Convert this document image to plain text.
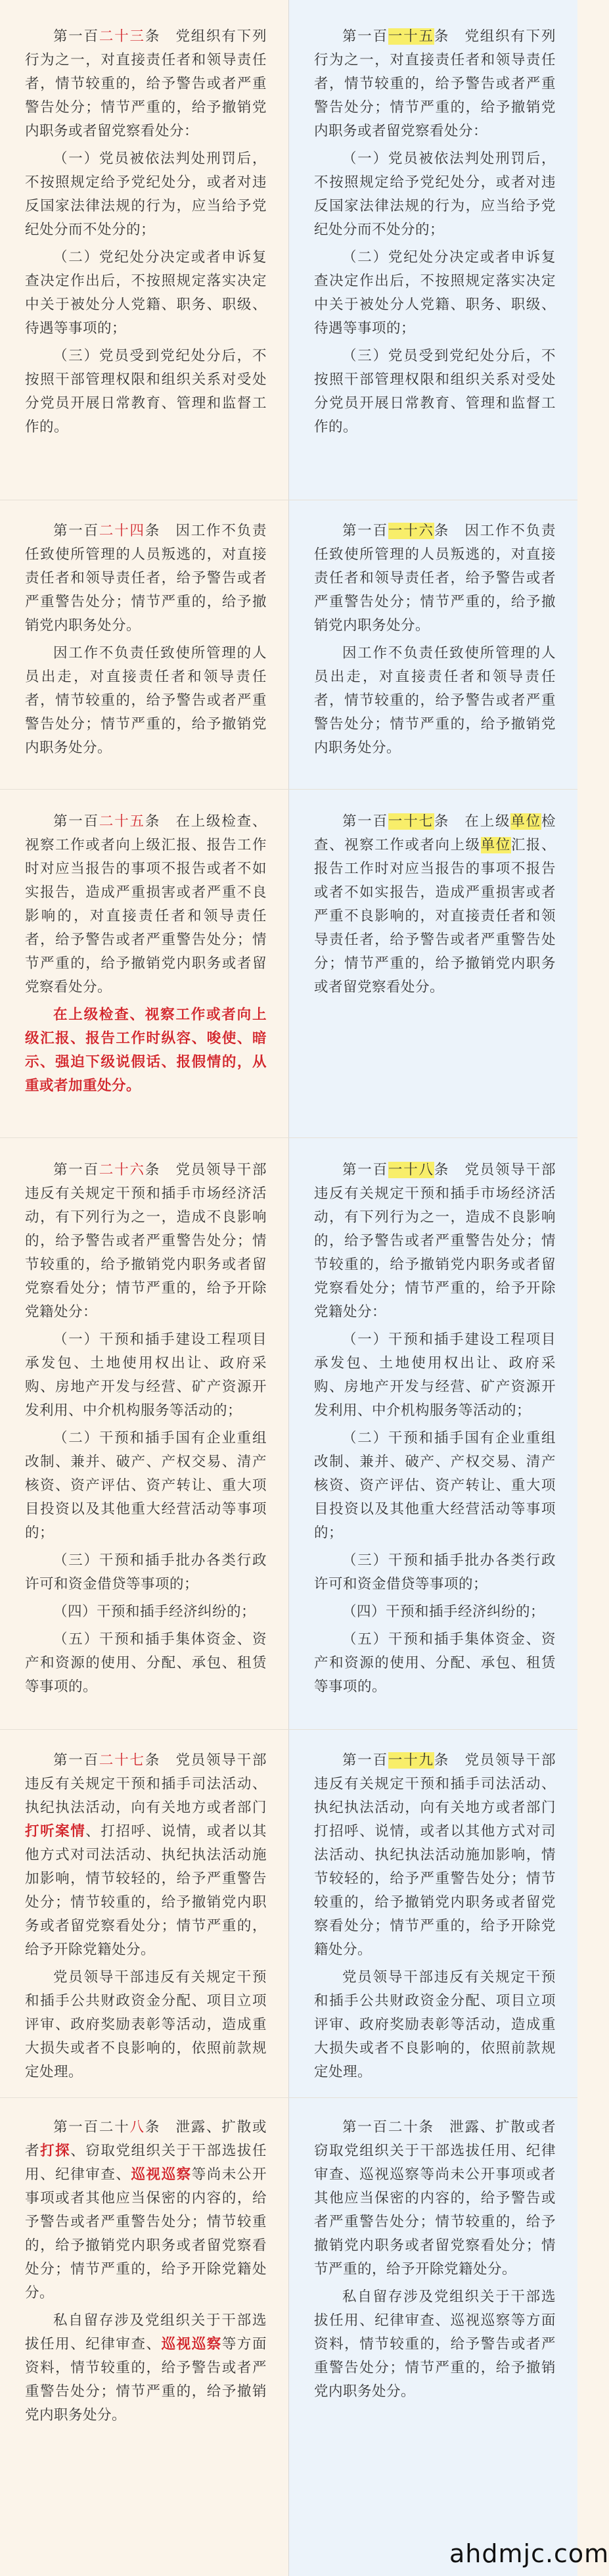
第一百二十三条　党组织有下列行为之一，对直接责任者和领导责任者，情节较重的，给予警告或者严重警告处分；情节严重的，给予撤销党内职务或者留党察看处分：

（一）党员被依法判处刑罚后，不按照规定给予党纪处分，或者对违反国家法律法规的行为，应当给予党纪处分而不处分的；

（二）党纪处分决定或者申诉复查决定作出后，不按照规定落实决定中关于被处分人党籍、职务、职级、待遇等事项的；

（三）党员受到党纪处分后，不按照干部管理权限和组织关系对受处分党员开展日常教育、管理和监督工作的。

第一百二十四条　因工作不负责任致使所管理的人员叛逃的，对直接责任者和领导责任者，给予警告或者严重警告处分；情节严重的，给予撤销党内职务处分。

因工作不负责任致使所管理的人员出走，对直接责任者和领导责任者，情节较重的，给予警告或者严重警告处分；情节严重的，给予撤销党内职务处分。

第一百二十五条　在上级检查、视察工作或者向上级汇报、报告工作时对应当报告的事项不报告或者不如实报告，造成严重损害或者严重不良影响的，对直接责任者和领导责任者，给予警告或者严重警告处分；情节严重的，给予撤销党内职务或者留党察看处分。

在上级检查、视察工作或者向上级汇报、报告工作时纵容、唆使、暗示、强迫下级说假话、报假情的，从重或者加重处分。

第一百二十六条　党员领导干部违反有关规定干预和插手市场经济活动，有下列行为之一，造成不良影响的，给予警告或者严重警告处分；情节较重的，给予撤销党内职务或者留党察看处分；情节严重的，给予开除党籍处分：

（一）干预和插手建设工程项目承发包、土地使用权出让、政府采购、房地产开发与经营、矿产资源开发利用、中介机构服务等活动的；

（二）干预和插手国有企业重组改制、兼并、破产、产权交易、清产核资、资产评估、资产转让、重大项目投资以及其他重大经营活动等事项的；

（三）干预和插手批办各类行政许可和资金借贷等事项的；

（四）干预和插手经济纠纷的；

（五）干预和插手集体资金、资产和资源的使用、分配、承包、租赁等事项的。

第一百二十七条　党员领导干部违反有关规定干预和插手司法活动、执纪执法活动，向有关地方或者部门打听案情、打招呼、说情，或者以其他方式对司法活动、执纪执法活动施加影响，情节较轻的，给予严重警告处分；情节较重的，给予撤销党内职务或者留党察看处分；情节严重的，给予开除党籍处分。

党员领导干部违反有关规定干预和插手公共财政资金分配、项目立项评审、政府奖励表彰等活动，造成重大损失或者不良影响的，依照前款规定处理。

第一百二十八条　泄露、扩散或者打探、窃取党组织关于干部选拔任用、纪律审查、巡视巡察等尚未公开事项或者其他应当保密的内容的，给予警告或者严重警告处分；情节较重的，给予撤销党内职务或者留党察看处分；情节严重的，给予开除党籍处分。

私自留存涉及党组织关于干部选拔任用、纪律审查、巡视巡察等方面资料，情节较重的，给予警告或者严重警告处分；情节严重的，给予撤销党内职务处分。

第一百一十五条　党组织有下列行为之一，对直接责任者和领导责任者，情节较重的，给予警告或者严重警告处分；情节严重的，给予撤销党内职务或者留党察看处分：

（一）党员被依法判处刑罚后，不按照规定给予党纪处分，或者对违反国家法律法规的行为，应当给予党纪处分而不处分的；

（二）党纪处分决定或者申诉复查决定作出后，不按照规定落实决定中关于被处分人党籍、职务、职级、待遇等事项的；

（三）党员受到党纪处分后，不按照干部管理权限和组织关系对受处分党员开展日常教育、管理和监督工作的。

第一百一十六条　因工作不负责任致使所管理的人员叛逃的，对直接责任者和领导责任者，给予警告或者严重警告处分；情节严重的，给予撤销党内职务处分。

因工作不负责任致使所管理的人员出走，对直接责任者和领导责任者，情节较重的，给予警告或者严重警告处分；情节严重的，给予撤销党内职务处分。

第一百一十七条　在上级单位检查、视察工作或者向上级单位汇报、报告工作时对应当报告的事项不报告或者不如实报告，造成严重损害或者严重不良影响的，对直接责任者和领导责任者，给予警告或者严重警告处分；情节严重的，给予撤销党内职务或者留党察看处分。

第一百一十八条　党员领导干部违反有关规定干预和插手市场经济活动，有下列行为之一，造成不良影响的，给予警告或者严重警告处分；情节较重的，给予撤销党内职务或者留党察看处分；情节严重的，给予开除党籍处分：

（一）干预和插手建设工程项目承发包、土地使用权出让、政府采购、房地产开发与经营、矿产资源开发利用、中介机构服务等活动的；

（二）干预和插手国有企业重组改制、兼并、破产、产权交易、清产核资、资产评估、资产转让、重大项目投资以及其他重大经营活动等事项的；

（三）干预和插手批办各类行政许可和资金借贷等事项的；

（四）干预和插手经济纠纷的；

（五）干预和插手集体资金、资产和资源的使用、分配、承包、租赁等事项的。

第一百一十九条　党员领导干部违反有关规定干预和插手司法活动、执纪执法活动，向有关地方或者部门打招呼、说情，或者以其他方式对司法活动、执纪执法活动施加影响，情节较轻的，给予严重警告处分；情节较重的，给予撤销党内职务或者留党察看处分；情节严重的，给予开除党籍处分。

党员领导干部违反有关规定干预和插手公共财政资金分配、项目立项评审、政府奖励表彰等活动，造成重大损失或者不良影响的，依照前款规定处理。

第一百二十条　泄露、扩散或者窃取党组织关于干部选拔任用、纪律审查、巡视巡察等尚未公开事项或者其他应当保密的内容的，给予警告或者严重警告处分；情节较重的，给予撤销党内职务或者留党察看处分；情节严重的，给予开除党籍处分。

私自留存涉及党组织关于干部选拔任用、纪律审查、巡视巡察等方面资料，情节较重的，给予警告或者严重警告处分；情节严重的，给予撤销党内职务处分。

ahdmjc.com
